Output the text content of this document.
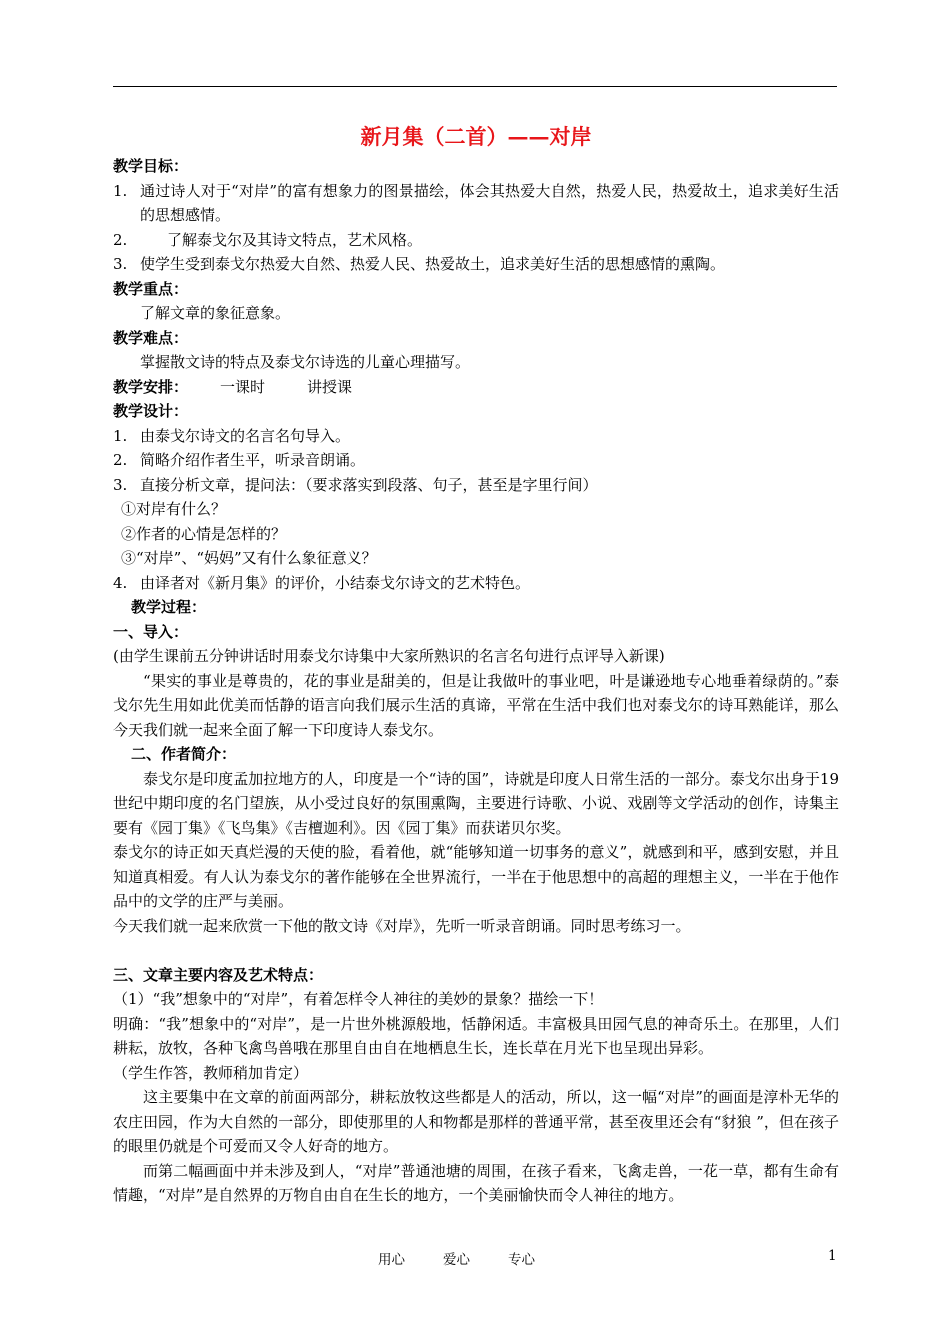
新月集（二首）——对岸

教学目标：

1. 通过诗人对于“对岸”的富有想象力的图景描绘，体会其热爱大自然，热爱人民，热爱故土，追求美好生活的思想感情。

2.	了解泰戈尔及其诗文特点，艺术风格。

3. 使学生受到泰戈尔热爱大自然、热爱人民、热爱故土，追求美好生活的思想感情的熏陶。

教学重点：

了解文章的象征意象。

教学难点：

掌握散文诗的特点及泰戈尔诗选的儿童心理描写。

教学安排： 一课时	讲授课

教学设计：

1. 由泰戈尔诗文的名言名句导入。

2. 简略介绍作者生平，听录音朗诵。

3. 直接分析文章，提问法：（要求落实到段落、句子，甚至是字里行间）

①对岸有什么？

②作者的心情是怎样的？

③“对岸”、“妈妈”又有什么象征意义？

4. 由译者对《新月集》的评价，小结泰戈尔诗文的艺术特色。

教学过程：

一、导入：

(由学生课前五分钟讲话时用泰戈尔诗集中大家所熟识的名言名句进行点评导入新课)

“果实的事业是尊贵的，花的事业是甜美的，但是让我做叶的事业吧，叶是谦逊地专心地垂着绿荫的。”泰戈尔先生用如此优美而恬静的语言向我们展示生活的真谛，平常在生活中我们也对泰戈尔的诗耳熟能详，那么今天我们就一起来全面了解一下印度诗人泰戈尔。

二、作者简介：

泰戈尔是印度孟加拉地方的人，印度是一个“诗的国”，诗就是印度人日常生活的一部分。泰戈尔出身于19世纪中期印度的名门望族，从小受过良好的氛围熏陶，主要进行诗歌、小说、戏剧等文学活动的创作，诗集主要有《园丁集》《飞鸟集》《吉檀迦利》。因《园丁集》而获诺贝尔奖。

泰戈尔的诗正如天真烂漫的天使的脸，看着他，就“能够知道一切事务的意义”，就感到和平，感到安慰，并且知道真相爱。有人认为泰戈尔的著作能够在全世界流行，一半在于他思想中的高超的理想主义，一半在于他作品中的文学的庄严与美丽。

今天我们就一起来欣赏一下他的散文诗《对岸》，先听一听录音朗诵。同时思考练习一。

三、文章主要内容及艺术特点：

（1）“我”想象中的“对岸”，有着怎样令人神往的美妙的景象？描绘一下！

明确：“我”想象中的“对岸”，是一片世外桃源般地，恬静闲适。丰富极具田园气息的神奇乐土。在那里，人们耕耘，放牧，各种飞禽鸟兽哦在那里自由自在地栖息生长，连长草在月光下也呈现出异彩。

（学生作答，教师稍加肯定）

这主要集中在文章的前面两部分，耕耘放牧这些都是人的活动，所以，这一幅“对岸”的画面是淳朴无华的农庄田园，作为大自然的一部分，即使那里的人和物都是那样的普通平常，甚至夜里还会有“豺狼 ”，但在孩子的眼里仍就是个可爱而又令人好奇的地方。

而第二幅画面中并未涉及到人，“对岸”普通池塘的周围，在孩子看来，飞禽走兽，一花一草，都有生命有情趣，“对岸”是自然界的万物自由自在生长的地方，一个美丽愉快而令人神往的地方。

用心	爱心	专心	1
